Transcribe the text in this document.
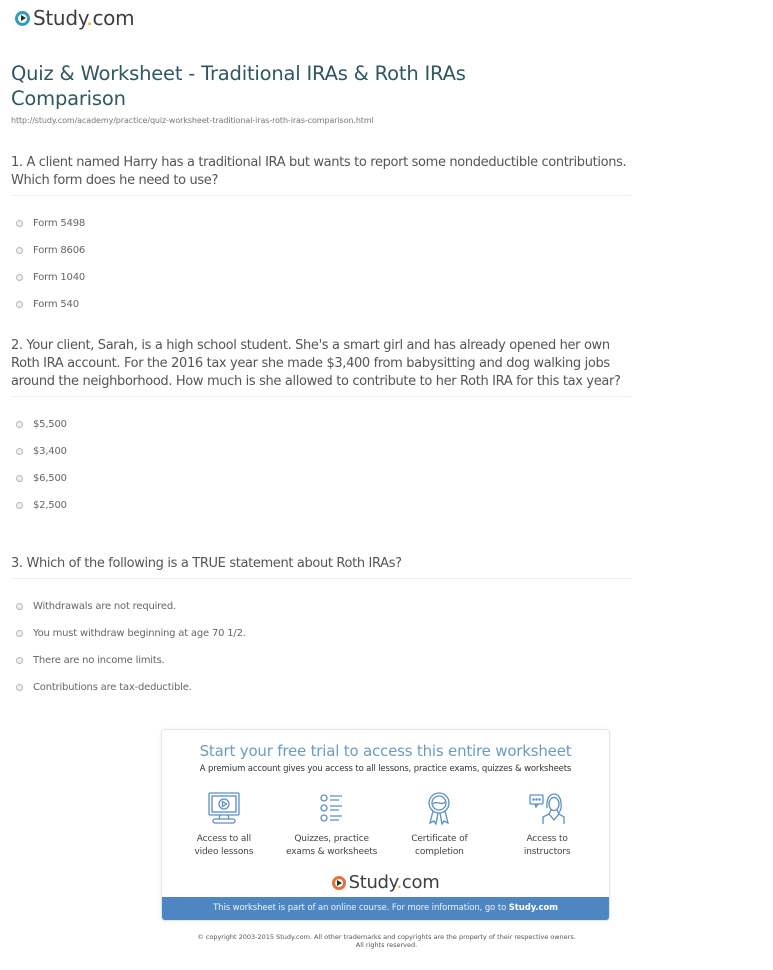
Study.com
Quiz & Worksheet - Traditional IRAs & Roth IRAs Comparison
http://study.com/academy/practice/quiz-worksheet-traditional-iras-roth-iras-comparison.html
1. A client named Harry has a traditional IRA but wants to report some nondeductible contributions. Which form does he need to use?
Form 5498
Form 8606
Form 1040
Form 540
2. Your client, Sarah, is a high school student. She's a smart girl and has already opened her own Roth IRA account. For the 2016 tax year she made $3,400 from babysitting and dog walking jobs around the neighborhood. How much is she allowed to contribute to her Roth IRA for this tax year?
$5,500
$3,400
$6,500
$2,500
3. Which of the following is a TRUE statement about Roth IRAs?
Withdrawals are not required.
You must withdraw beginning at age 70 1/2.
There are no income limits.
Contributions are tax-deductible.
Start your free trial to access this entire worksheet
A premium account gives you access to all lessons, practice exams, quizzes & worksheets
Access to all
video lessons
Quizzes, practice
exams & worksheets
Certificate of
completion
Access to
instructors
Study.com
This worksheet is part of an online course. For more information, go to Study.com
© copyright 2003-2015 Study.com. All other trademarks and copyrights are the property of their respective owners.
All rights reserved.
